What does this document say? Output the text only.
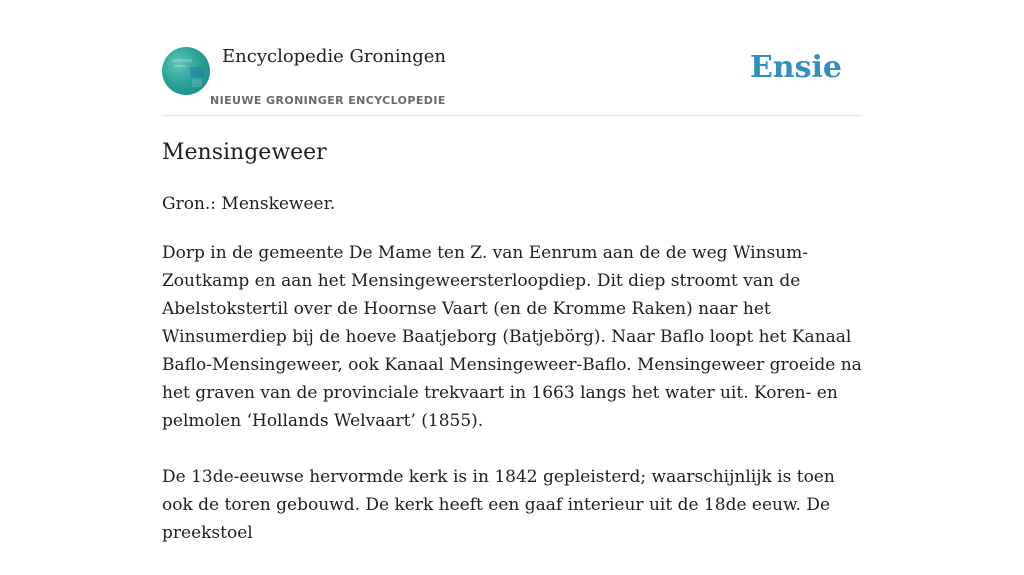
Encyclopedie Groningen
NIEUWE GRONINGER ENCYCLOPEDIE
Ensie
Mensingeweer

Gron.: Menskeweer.

Dorp in de gemeente De Mame ten Z. van Eenrum aan de de weg Winsum-Zoutkamp en aan het Mensingeweersterloopdiep. Dit diep stroomt van de Abelstokstertil over de Hoornse Vaart (en de Kromme Raken) naar het Winsumerdiep bij de hoeve Baatjeborg (Batjebörg). Naar Baflo loopt het Kanaal Baflo-Mensingeweer, ook Kanaal Mensingeweer-Baflo. Mensingeweer groeide na het graven van de provinciale trekvaart in 1663 langs het water uit. Koren- en pelmolen ‘Hollands Welvaart’ (1855).

De 13de-eeuwse hervormde kerk is in 1842 gepleisterd; waarschijnlijk is toen ook de toren gebouwd. De kerk heeft een gaaf interieur uit de 18de eeuw. De preekstoel
